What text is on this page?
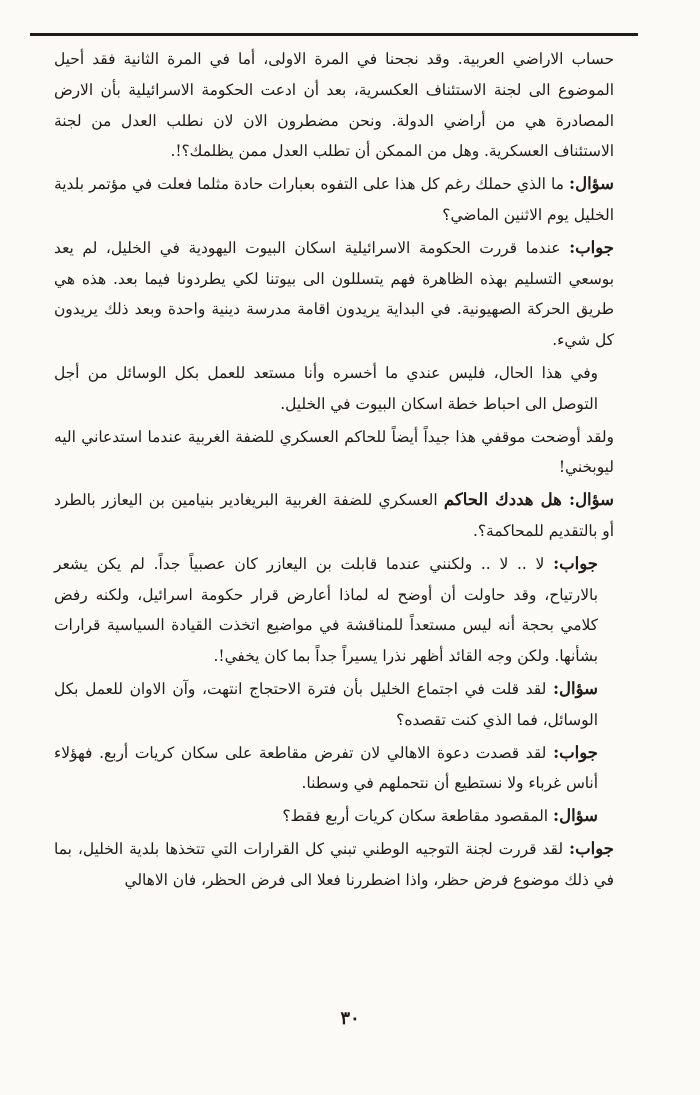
حساب الاراضي العربية. وقد نجحنا في المرة الاولى، أما في المرة الثانية فقد أحيل الموضوع الى لجنة الاستئناف العكسرية، بعد أن ادعت الحكومة الاسرائيلية بأن الارض المصادرة هي من أراضي الدولة. ونحن مضطرون الان لان نطلب العدل من لجنة الاستئناف العسكرية. وهل من الممكن أن تطلب العدل ممن يظلمك؟!.

سؤال: ما الذي حملك رغم كل هذا على التفوه بعبارات حادة مثلما فعلت في مؤتمر بلدية الخليل يوم الاثنين الماضي؟

جواب: عندما قررت الحكومة الاسرائيلية اسكان البيوت اليهودية في الخليل، لم يعد بوسعي التسليم بهذه الظاهرة فهم يتسللون الى بيوتنا لكي يطردونا فيما بعد. هذه هي طريق الحركة الصهيونية. في البداية يريدون اقامة مدرسة دينية واحدة وبعد ذلك يريدون كل شيء.

وفي هذا الحال، فليس عندي ما أخسره وأنا مستعد للعمل بكل الوسائل من أجل التوصل الى احباط خطة اسكان البيوت في الخليل.

ولقد أوضحت موقفي هذا جيداً أيضاً للحاكم العسكري للضفة الغربية عندما استدعاني اليه ليوبخني!

سؤال: هل هددك الحاكم العسكري للضفة الغربية البريغادير بنيامين بن اليعازر بالطرد أو بالتقديم للمحاكمة؟.

جواب: لا .. لا .. ولكنني عندما قابلت بن اليعازر كان عصبياً جداً. لم يكن يشعر بالارتياح، وقد حاولت أن أوضح له لماذا أعارض قرار حكومة اسرائيل، ولكنه رفض كلامي بحجة أنه ليس مستعداً للمناقشة في مواضيع اتخذت القيادة السياسية قرارات بشأنها. ولكن وجه القائد أظهر نذرا يسيراً جداً بما كان يخفي!.

سؤال: لقد قلت في اجتماع الخليل بأن فترة الاحتجاج انتهت، وآن الاوان للعمل بكل الوسائل، فما الذي كنت تقصده؟

جواب: لقد قصدت دعوة الاهالي لان تفرض مقاطعة على سكان كريات أربع. فهؤلاء أناس غرباء ولا نستطيع أن نتحملهم في وسطنا.

سؤال: المقصود مقاطعة سكان كريات أربع فقط؟

جواب: لقد قررت لجنة التوجيه الوطني تبني كل القرارات التي تتخذها بلدية الخليل، بما في ذلك موضوع فرض حظر، واذا اضطررنا فعلا الى فرض الحظر، فان الاهالي

٣٠
